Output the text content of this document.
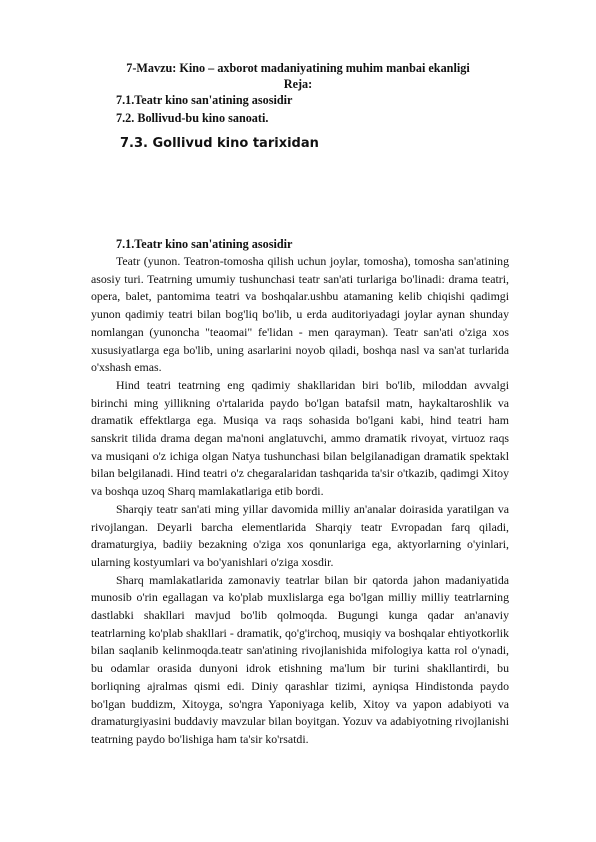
7-Mavzu: Kino – axborot madaniyatining muhim manbai ekanligi
Reja:
7.1.Teatr kino san'atining asosidir
7.2. Bollivud-bu kino sanoati.
7.3. Gollivud kino tarixidan
7.1.Teatr kino san'atining asosidir

Teatr (yunon. Teatron-tomosha qilish uchun joylar, tomosha), tomosha san'atining asosiy turi. Teatrning umumiy tushunchasi teatr san'ati turlariga bo'linadi: drama teatri, opera, balet, pantomima teatri va boshqalar.ushbu atamaning kelib chiqishi qadimgi yunon qadimiy teatri bilan bog'liq bo'lib, u erda auditoriyadagi joylar aynan shunday nomlangan (yunoncha "teaomai" fe'lidan - men qarayman). Teatr san'ati o'ziga xos xususiyatlarga ega bo'lib, uning asarlarini noyob qiladi, boshqa nasl va san'at turlarida o'xshash emas.

Hind teatri teatrning eng qadimiy shakllaridan biri bo'lib, miloddan avvalgi birinchi ming yillikning o'rtalarida paydo bo'lgan batafsil matn, haykaltaroshlik va dramatik effektlarga ega. Musiqa va raqs sohasida bo'lgani kabi, hind teatri ham sanskrit tilida drama degan ma'noni anglatuvchi, ammo dramatik rivoyat, virtuoz raqs va musiqani o'z ichiga olgan Natya tushunchasi bilan belgilanadigan dramatik spektakl bilan belgilanadi. Hind teatri o'z chegaralaridan tashqarida ta'sir o'tkazib, qadimgi Xitoy va boshqa uzoq Sharq mamlakatlariga etib bordi.

Sharqiy teatr san'ati ming yillar davomida milliy an'analar doirasida yaratilgan va rivojlangan. Deyarli barcha elementlarida Sharqiy teatr Evropadan farq qiladi, dramaturgiya, badiiy bezakning o'ziga xos qonunlariga ega, aktyorlarning o'yinlari, ularning kostyumlari va bo'yanishlari o'ziga xosdir.

Sharq mamlakatlarida zamonaviy teatrlar bilan bir qatorda jahon madaniyatida munosib o'rin egallagan va ko'plab muxlislarga ega bo'lgan milliy milliy teatrlarning dastlabki shakllari mavjud bo'lib qolmoqda. Bugungi kunga qadar an'anaviy teatrlarning ko'plab shakllari - dramatik, qo'g'irchoq, musiqiy va boshqalar ehtiyotkorlik bilan saqlanib kelinmoqda.teatr san'atining rivojlanishida mifologiya katta rol o'ynadi, bu odamlar orasida dunyoni idrok etishning ma'lum bir turini shakllantirdi, bu borliqning ajralmas qismi edi. Diniy qarashlar tizimi, ayniqsa Hindistonda paydo bo'lgan buddizm, Xitoyga, so'ngra Yaponiyaga kelib, Xitoy va yapon adabiyoti va dramaturgiyasini buddaviy mavzular bilan boyitgan. Yozuv va adabiyotning rivojlanishi teatrning paydo bo'lishiga ham ta'sir ko'rsatdi.
